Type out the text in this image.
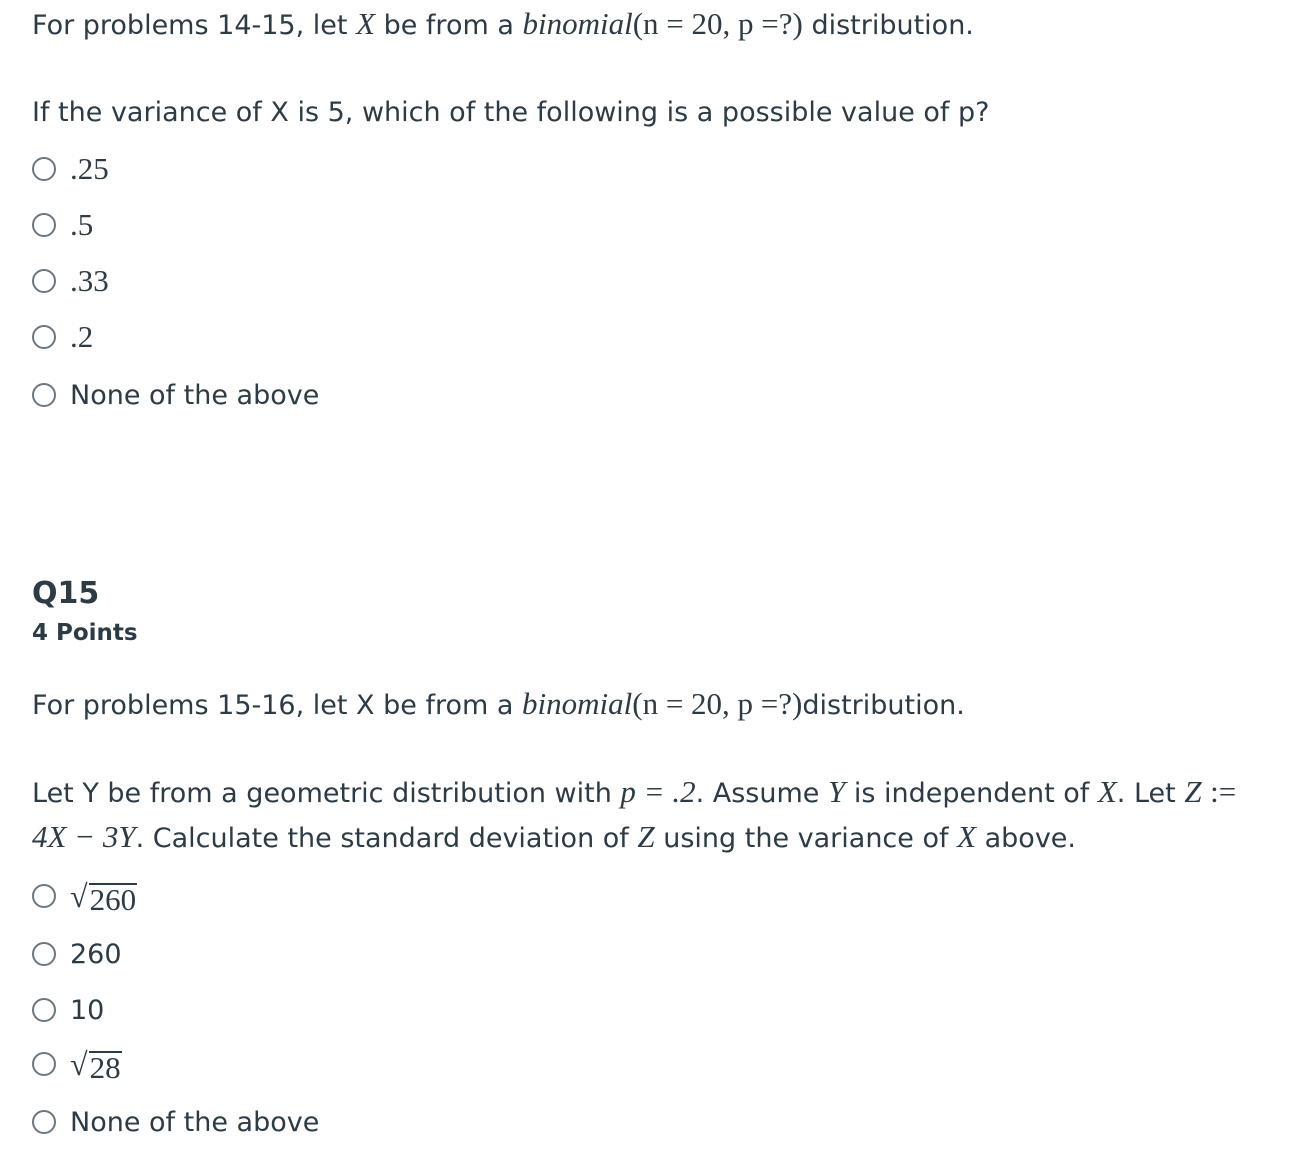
For problems 14-15, let X be from a binomial(n = 20, p =?) distribution.
If the variance of X is 5, which of the following is a possible value of p?
.25
.5
.33
.2
None of the above
Q15
4 Points
For problems 15-16, let X be from a binomial(n = 20, p =?)distribution.
Let Y be from a geometric distribution with p = .2. Assume Y is independent of X. Let Z :=
4X − 3Y. Calculate the standard deviation of Z using the variance of X above.
√ 260
260
10
√ 28
None of the above
